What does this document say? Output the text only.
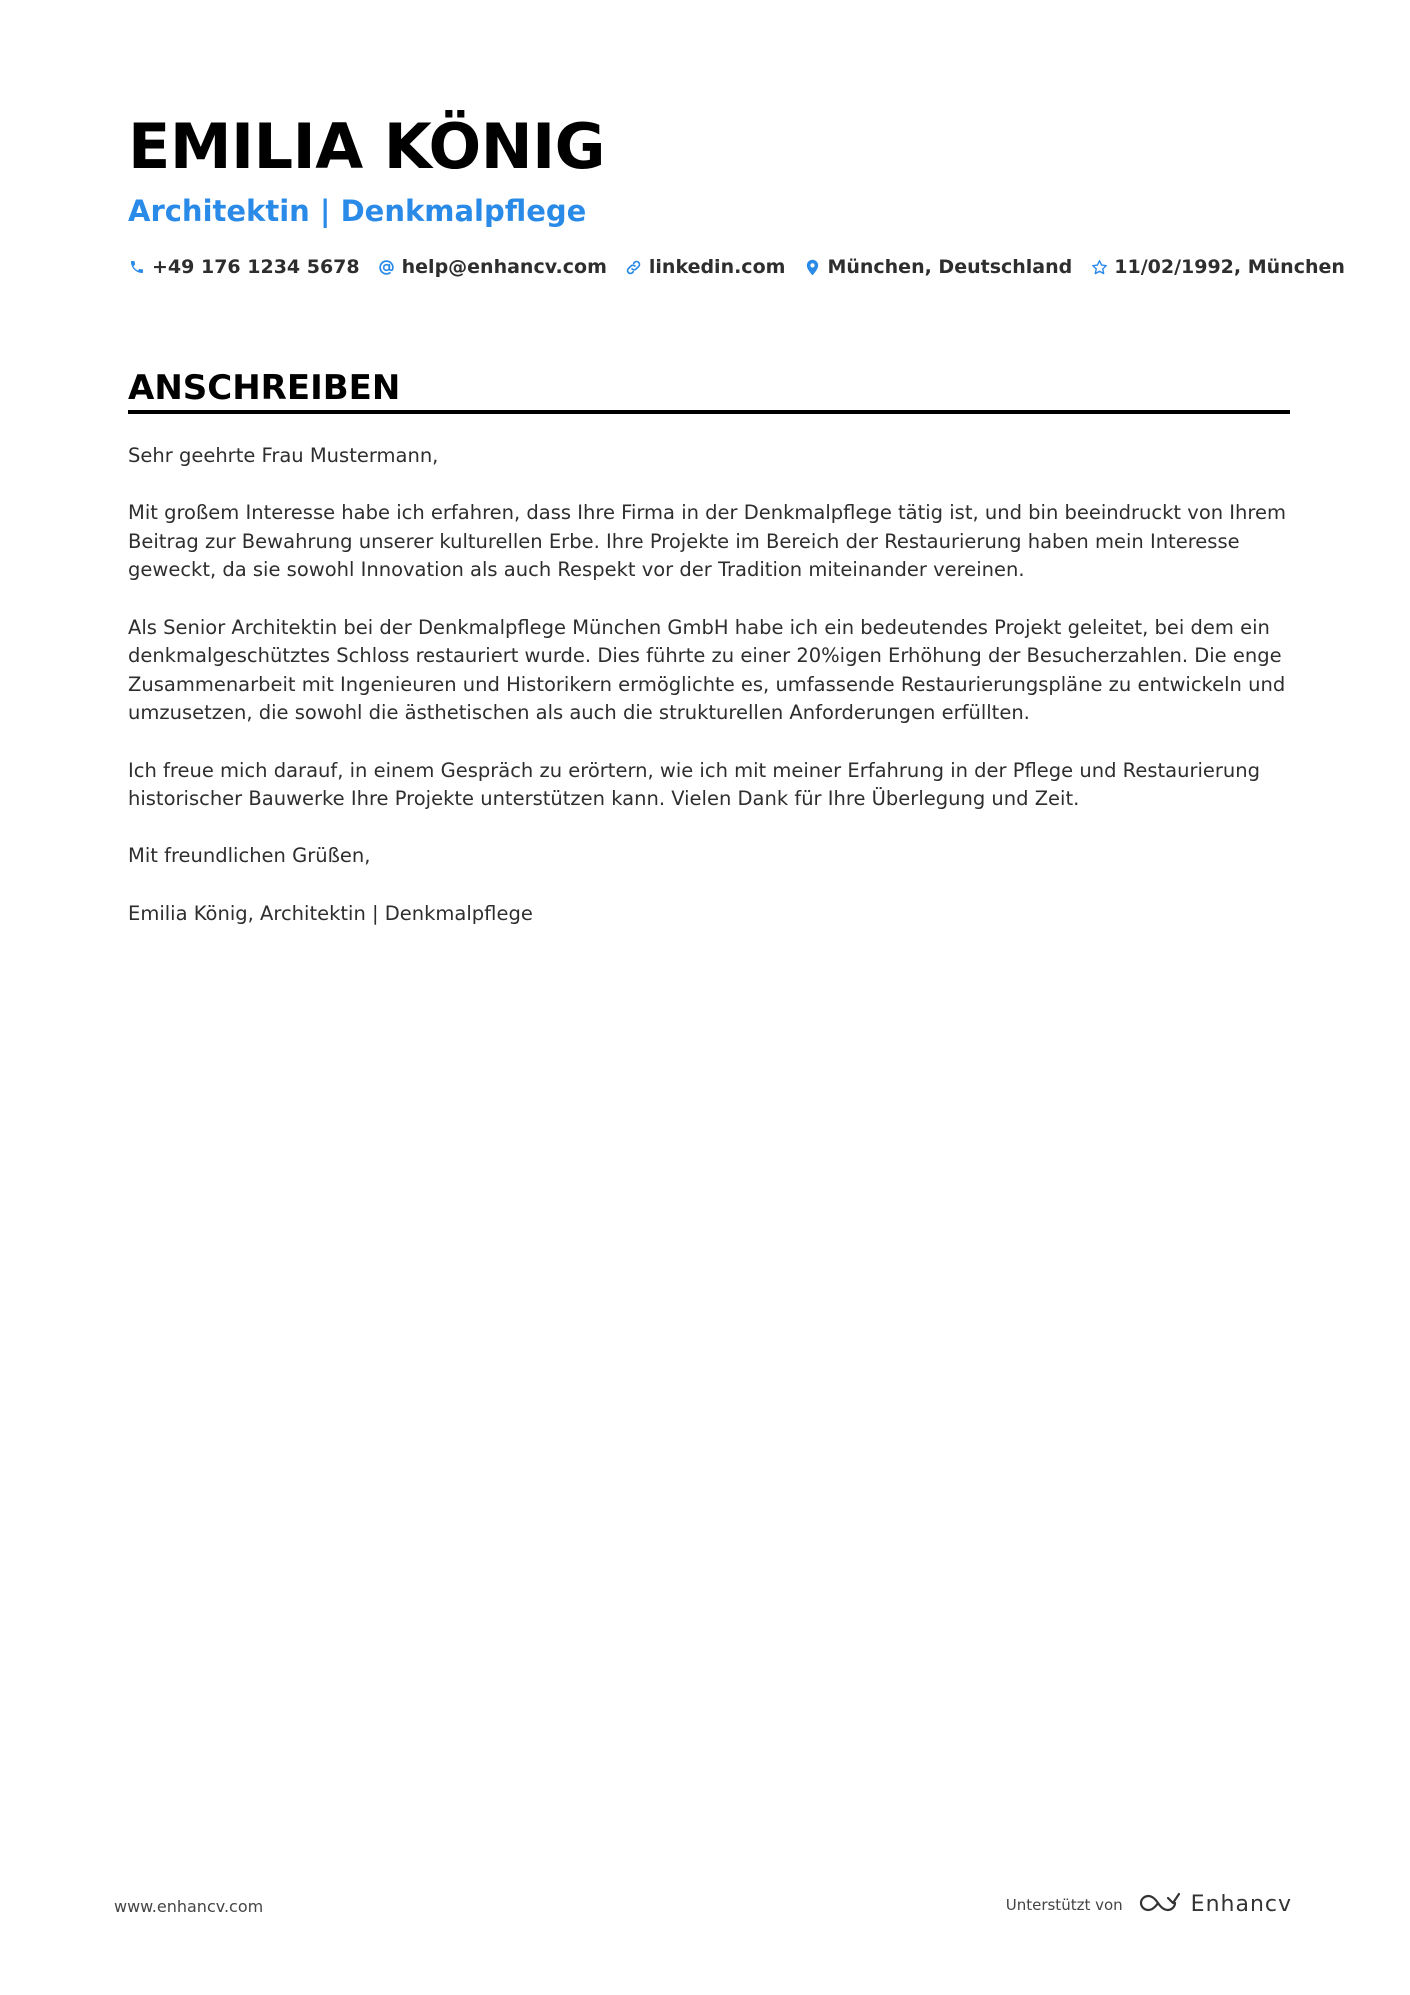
EMILIA KÖNIG
Architektin | Denkmalpflege
+49 176 1234 5678 help@enhancv.com linkedin.com München, Deutschland 11/02/1992, München
ANSCHREIBEN

Sehr geehrte Frau Mustermann,

Mit großem Interesse habe ich erfahren, dass Ihre Firma in der Denkmalpflege tätig ist, und bin beeindruckt von Ihrem Beitrag zur Bewahrung unserer kulturellen Erbe. Ihre Projekte im Bereich der Restaurierung haben mein Interesse geweckt, da sie sowohl Innovation als auch Respekt vor der Tradition miteinander vereinen.

Als Senior Architektin bei der Denkmalpflege München GmbH habe ich ein bedeutendes Projekt geleitet, bei dem ein denkmalgeschütztes Schloss restauriert wurde. Dies führte zu einer 20%igen Erhöhung der Besucherzahlen. Die enge Zusammenarbeit mit Ingenieuren und Historikern ermöglichte es, umfassende Restaurierungspläne zu entwickeln und umzusetzen, die sowohl die ästhetischen als auch die strukturellen Anforderungen erfüllten.

Ich freue mich darauf, in einem Gespräch zu erörtern, wie ich mit meiner Erfahrung in der Pflege und Restaurierung historischer Bauwerke Ihre Projekte unterstützen kann. Vielen Dank für Ihre Überlegung und Zeit.

Mit freundlichen Grüßen,

Emilia König, Architektin | Denkmalpflege

www.enhancv.com	Unterstützt von	Enhancv
